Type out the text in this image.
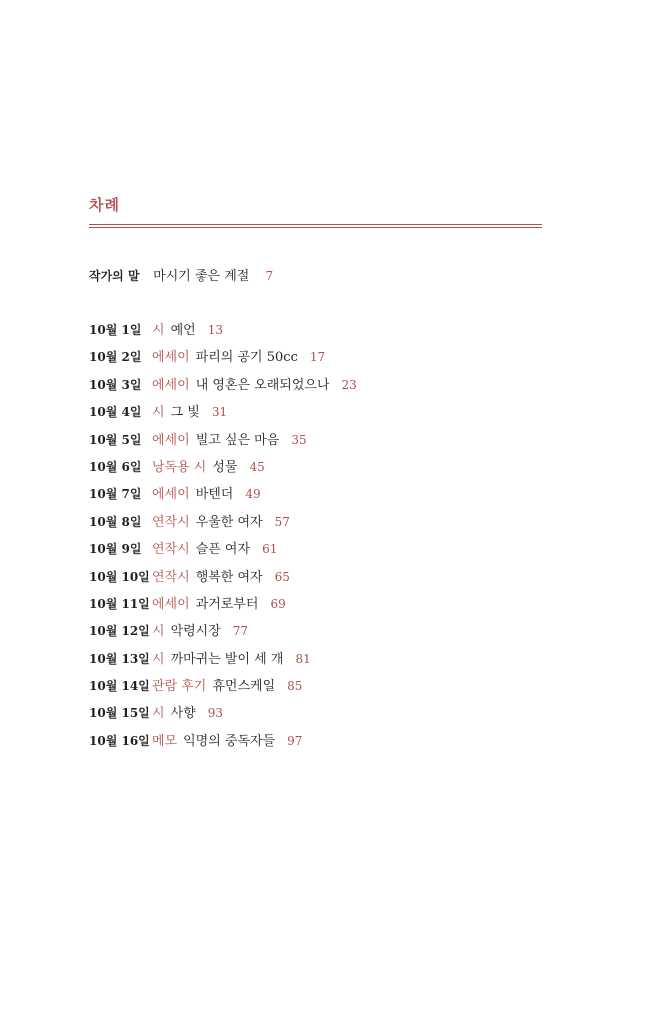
차례
작가의 말 마시기 좋은 계절 7
10월 1일 시 예언 13
10월 2일 에세이 파리의 공기 50cc 17
10월 3일 에세이 내 영혼은 오래되었으나 23
10월 4일 시 그 빛 31
10월 5일 에세이 빌고 싶은 마음 35
10월 6일 낭독용 시 성물 45
10월 7일 에세이 바텐더 49
10월 8일 연작시 우울한 여자 57
10월 9일 연작시 슬픈 여자 61
10월 10일 연작시 행복한 여자 65
10월 11일 에세이 과거로부터 69
10월 12일 시 악령시장 77
10월 13일 시 까마귀는 발이 세 개 81
10월 14일 관람 후기 휴먼스케일 85
10월 15일 시 사향 93
10월 16일 메모 익명의 중독자들 97
